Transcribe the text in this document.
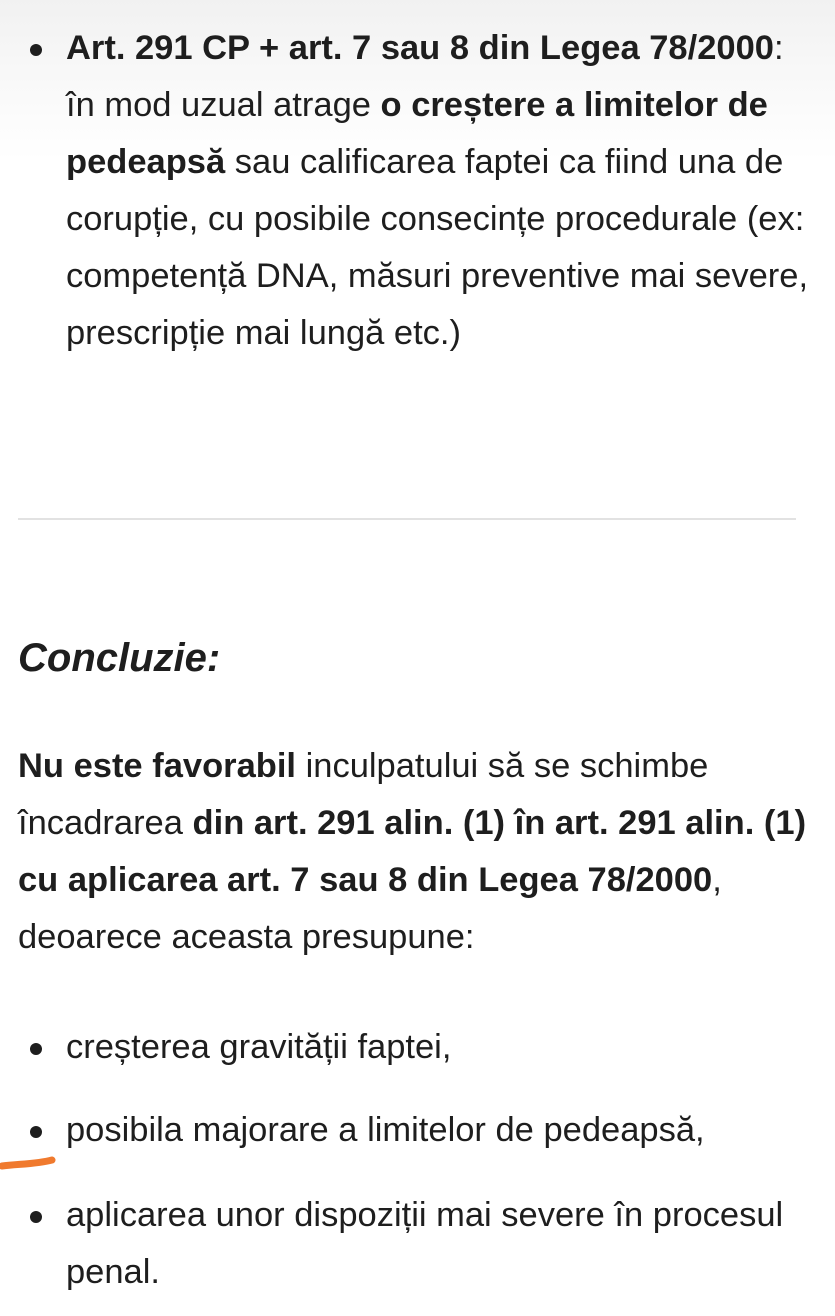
Art. 291 CP + art. 7 sau 8 din Legea 78/2000: în mod uzual atrage o creștere a limitelor de pedeapsă sau calificarea faptei ca fiind una de corupție, cu posibile consecințe procedurale (ex: competență DNA, măsuri preventive mai severe, prescripție mai lungă etc.)
Concluzie:

Nu este favorabil inculpatului să se schimbe încadrarea din art. 291 alin. (1) în art. 291 alin. (1) cu aplicarea art. 7 sau 8 din Legea 78/2000, deoarece aceasta presupune:

creșterea gravității faptei,
posibila majorare a limitelor de pedeapsă,
aplicarea unor dispoziții mai severe în procesul penal.
